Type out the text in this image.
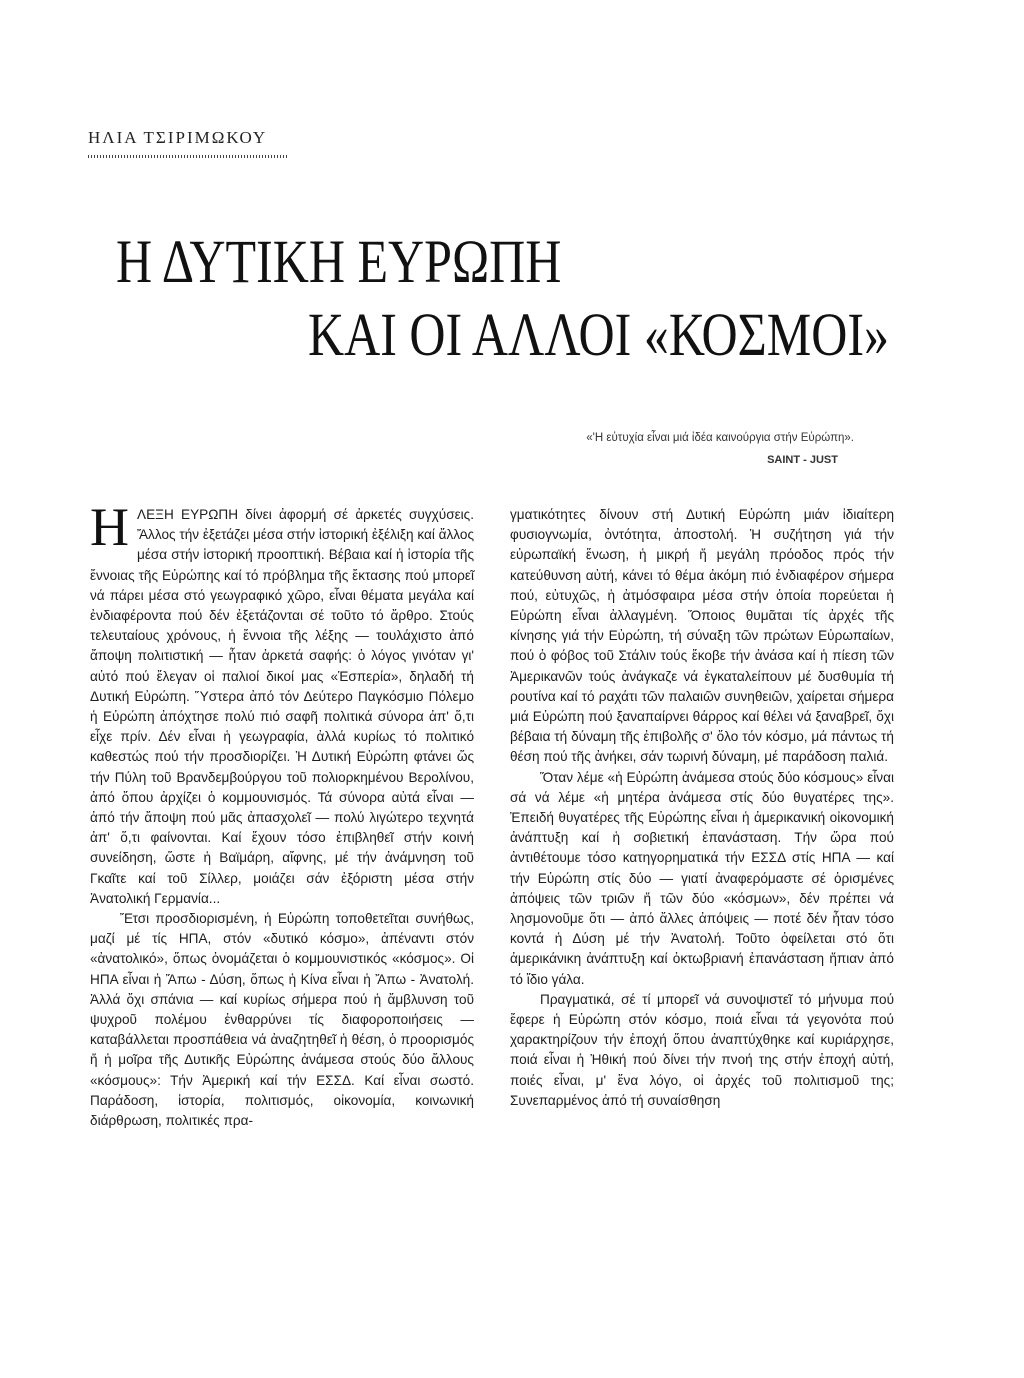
ΗΛΙΑ ΤΣΙΡΙΜΩΚΟΥ
Η ΔΥΤΙΚΗ ΕΥΡΩΠΗ
ΚΑΙ ΟΙ ΑΛΛΟΙ «ΚΟΣΜΟΙ»
«'Η εὐτυχία εἶναι μιά ἰδέα καινούργια στήν Εὐρώπη».
SAINT - JUST
Η ΛΕΞΗ ΕΥΡΩΠΗ δίνει ἀφορμή σέ ἀρκετές συγχύσεις. Ἄλλος τήν ἐξετάζει μέσα στήν ἱστορική ἐξέλιξη καί ἄλλος μέσα στήν ἱστορική προοπτική. Βέβαια καί ἡ ἱστορία τῆς ἔννοιας τῆς Εὐρώπης καί τό πρόβλημα τῆς ἔκτασης πού μπορεῖ νά πάρει μέσα στό γεωγραφικό χῶρο, εἶναι θέματα μεγάλα καί ἐνδιαφέροντα πού δέν ἐξετάζονται σέ τοῦτο τό ἄρθρο. Στούς τελευταίους χρόνους, ἡ ἔννοια τῆς λέξης — τουλάχιστο ἀπό ἄποψη πολιτιστική — ἦταν ἀρκετά σαφής: ὁ λόγος γινόταν γι' αὐτό πού ἔλεγαν οἱ παλιοί δικοί μας «Ἑσπερία», δηλαδή τή Δυτική Εὐρώπη. Ὕστερα ἀπό τόν Δεύτερο Παγκόσμιο Πόλεμο ἡ Εὐρώπη ἀπόχτησε πολύ πιό σαφῆ πολιτικά σύνορα ἀπ' ὅ,τι εἶχε πρίν. Δέν εἶναι ἡ γεωγραφία, ἀλλά κυρίως τό πολιτικό καθεστώς πού τήν προσδιορίζει. Ἡ Δυτική Εὐρώπη φτάνει ὥς τήν Πύλη τοῦ Βρανδεμβούργου τοῦ πολιορκημένου Βερολίνου, ἀπό ὅπου ἀρχίζει ὁ κομμουνισμός. Τά σύνορα αὐτά εἶναι — ἀπό τήν ἄποψη πού μᾶς ἀπασχολεῖ — πολύ λιγώτερο τεχνητά ἀπ' ὅ,τι φαίνονται. Καί ἔχουν τόσο ἐπιβληθεῖ στήν κοινή συνείδηση, ὥστε ἡ Βαϊμάρη, αἴφνης, μέ τήν ἀνάμνηση τοῦ Γκαῖτε καί τοῦ Σίλλερ, μοιάζει σάν ἐξόριστη μέσα στήν Ἀνατολική Γερμανία...

Ἔτσι προσδιορισμένη, ἡ Εὐρώπη τοποθετεῖται συνήθως, μαζί μέ τίς ΗΠΑ, στόν «δυτικό κόσμο», ἀπέναντι στόν «ἀνατολικό», ὅπως ὀνομάζεται ὁ κομμουνιστικός «κόσμος». Οἱ ΗΠΑ εἶναι ἡ Ἄπω - Δύση, ὅπως ἡ Κίνα εἶναι ἡ Ἄπω - Ἀνατολή. Ἀλλά ὄχι σπάνια — καί κυρίως σήμερα πού ἡ ἄμβλυνση τοῦ ψυχροῦ πολέμου ἐνθαρρύνει τίς διαφοροποιήσεις — καταβάλλεται προσπάθεια νά ἀναζητηθεῖ ἡ θέση, ὁ προορισμός ἤ ἡ μοῖρα τῆς Δυτικῆς Εὐρώπης ἀνάμεσα στούς δύο ἄλλους «κόσμους»: Τήν Ἀμερική καί τήν ΕΣΣΔ. Καί εἶναι σωστό. Παράδοση, ἱστορία, πολιτισμός, οἰκονομία, κοινωνική διάρθρωση, πολιτικές πρα-

γματικότητες δίνουν στή Δυτική Εὐρώπη μιάν ἰδιαίτερη φυσιογνωμία, ὀντότητα, ἀποστολή. Ἡ συζήτηση γιά τήν εὐρωπαϊκή ἕνωση, ἡ μικρή ἤ μεγάλη πρόοδος πρός τήν κατεύθυνση αὐτή, κάνει τό θέμα ἀκόμη πιό ἐνδιαφέρον σήμερα πού, εὐτυχῶς, ἡ ἀτμόσφαιρα μέσα στήν ὁποία πορεύεται ἡ Εὐρώπη εἶναι ἀλλαγμένη. Ὅποιος θυμᾶται τίς ἀρχές τῆς κίνησης γιά τήν Εὐρώπη, τή σύναξη τῶν πρώτων Εὐρωπαίων, πού ὁ φόβος τοῦ Στάλιν τούς ἔκοβε τήν ἀνάσα καί ἡ πίεση τῶν Ἀμερικανῶν τούς ἀνάγκαζε νά ἐγκαταλείπουν μέ δυσθυμία τή ρουτίνα καί τό ραχάτι τῶν παλαιῶν συνηθειῶν, χαίρεται σήμερα μιά Εὐρώπη πού ξαναπαίρνει θάρρος καί θέλει νά ξαναβρεῖ, ὄχι βέβαια τή δύναμη τῆς ἐπιβολῆς σ' ὅλο τόν κόσμο, μά πάντως τή θέση πού τῆς ἀνήκει, σάν τωρινή δύναμη, μέ παράδοση παλιά.

Ὅταν λέμε «ἡ Εὐρώπη ἀνάμεσα στούς δύο κόσμους» εἶναι σά νά λέμε «ἡ μητέρα ἀνάμεσα στίς δύο θυγατέρες της». Ἐπειδή θυγατέρες τῆς Εὐρώπης εἶναι ἡ ἀμερικανική οἰκονομική ἀνάπτυξη καί ἡ σοβιετική ἐπανάσταση. Τήν ὥρα πού ἀντιθέτουμε τόσο κατηγορηματικά τήν ΕΣΣΔ στίς ΗΠΑ — καί τήν Εὐρώπη στίς δύο — γιατί ἀναφερόμαστε σέ ὁρισμένες ἀπόψεις τῶν τριῶν ἤ τῶν δύο «κόσμων», δέν πρέπει νά λησμονοῦμε ὅτι — ἀπό ἄλλες ἀπόψεις — ποτέ δέν ἦταν τόσο κοντά ἡ Δύση μέ τήν Ἀνατολή. Τοῦτο ὀφείλεται στό ὅτι ἀμερικάνικη ἀνάπτυξη καί ὀκτωβριανή ἐπανάσταση ἤπιαν ἀπό τό ἴδιο γάλα.

Πραγματικά, σέ τί μπορεῖ νά συνοψιστεῖ τό μήνυμα πού ἔφερε ἡ Εὐρώπη στόν κόσμο, ποιά εἶναι τά γεγονότα πού χαρακτηρίζουν τήν ἐποχή ὅπου ἀναπτύχθηκε καί κυριάρχησε, ποιά εἶναι ἡ Ἠθική πού δίνει τήν πνοή της στήν ἐποχή αὐτή, ποιές εἶναι, μ' ἕνα λόγο, οἱ ἀρχές τοῦ πολιτισμοῦ της; Συνεπαρμένος ἀπό τή συναίσθηση
